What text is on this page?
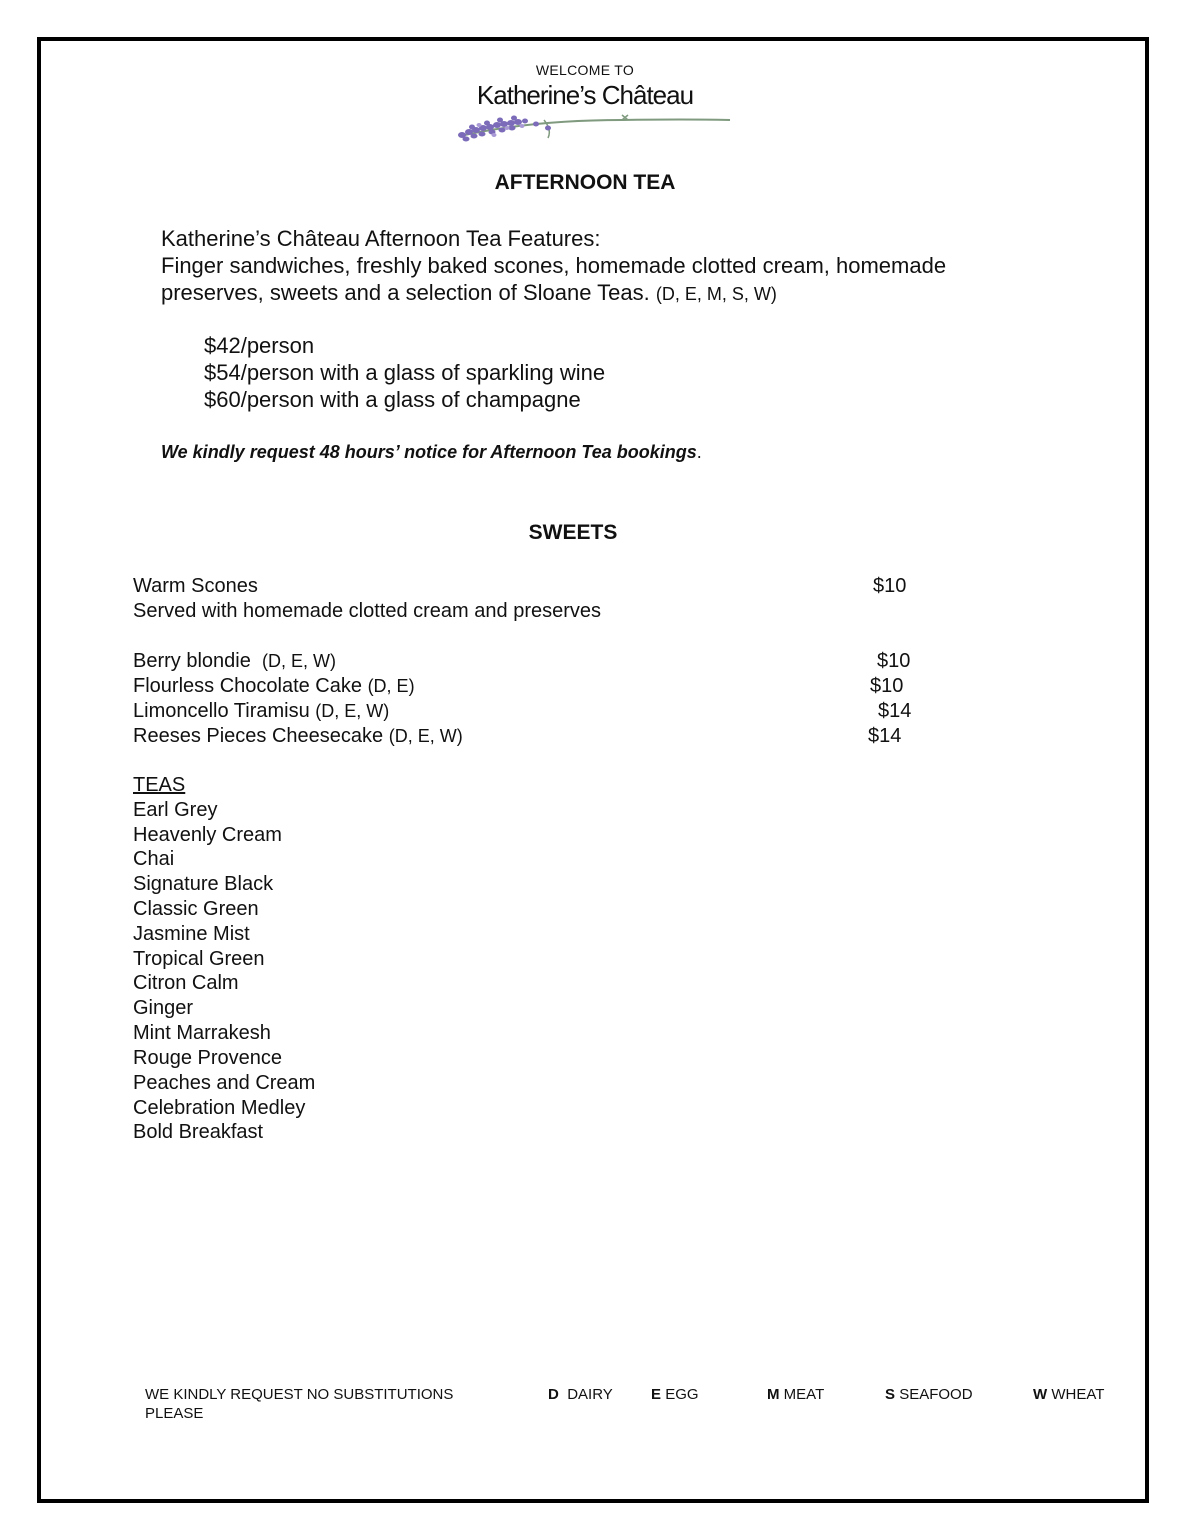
WELCOME TO
Katherine’s Château
AFTERNOON TEA
Katherine’s Château Afternoon Tea Features:
Finger sandwiches, freshly baked scones, homemade clotted cream, homemade
preserves, sweets and a selection of Sloane Teas. (D, E, M, S, W)
$42/person
$54/person with a glass of sparkling wine
$60/person with a glass of champagne
We kindly request 48 hours’ notice for Afternoon Tea bookings.
SWEETS
Warm Scones	$10
Served with homemade clotted cream and preserves
Berry blondie (D, E, W)	$10
Flourless Chocolate Cake (D, E)	$10
Limoncello Tiramisu (D, E, W)	$14
Reeses Pieces Cheesecake (D, E, W)	$14
TEAS
Earl Grey
Heavenly Cream
Chai
Signature Black
Classic Green
Jasmine Mist
Tropical Green
Citron Calm
Ginger
Mint Marrakesh
Rouge Provence
Peaches and Cream
Celebration Medley
Bold Breakfast
WE KINDLY REQUEST NO SUBSTITUTIONS
PLEASE
D DAIRY	E EGG	M MEAT	S SEAFOOD	W WHEAT
